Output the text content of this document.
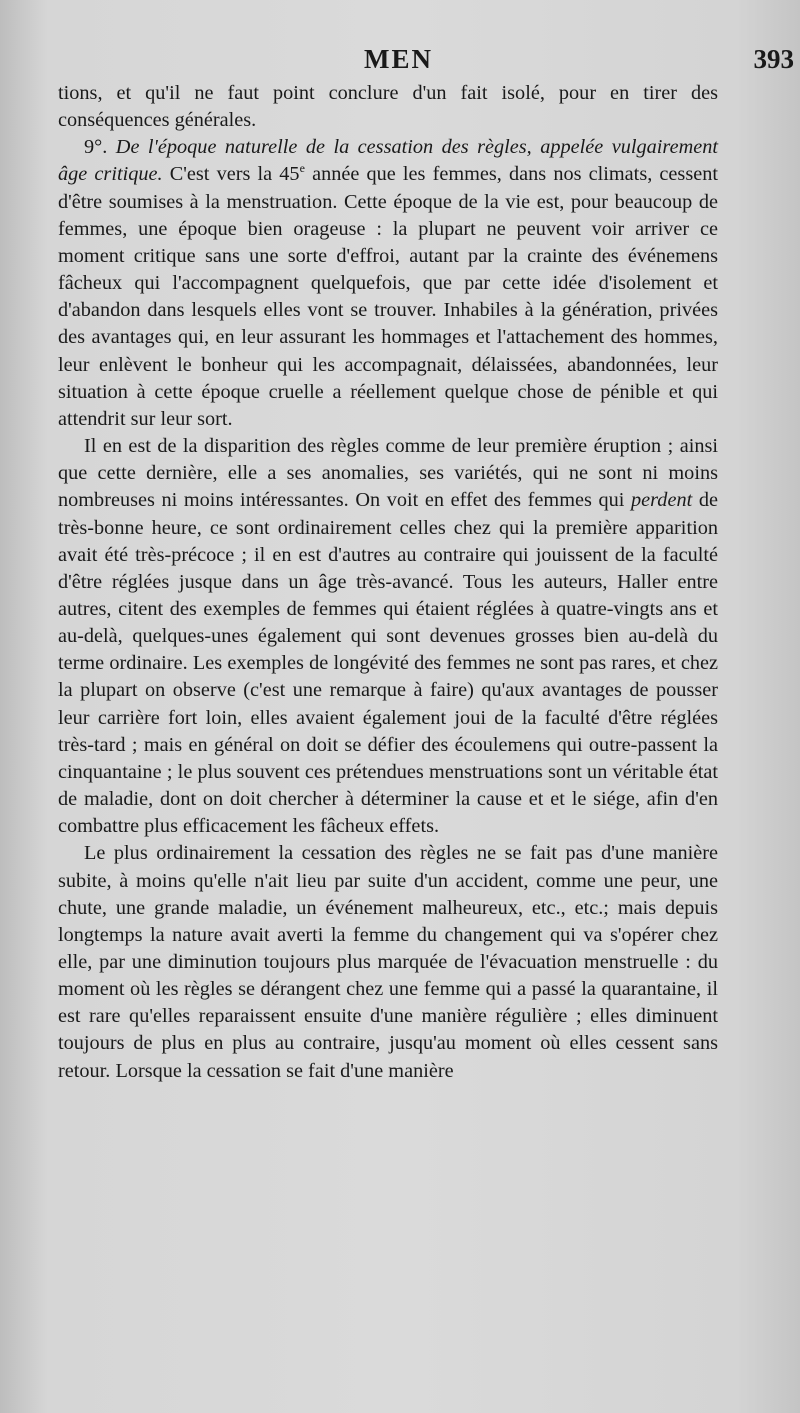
MEN	393

tions, et qu'il ne faut point conclure d'un fait isolé, pour en tirer des conséquences générales.

9°. De l'époque naturelle de la cessation des règles, appelée vulgairement âge critique. C'est vers la 45e année que les femmes, dans nos climats, cessent d'être soumises à la menstruation. Cette époque de la vie est, pour beaucoup de femmes, une époque bien orageuse : la plupart ne peuvent voir arriver ce moment critique sans une sorte d'effroi, autant par la crainte des événemens fâcheux qui l'accompagnent quelquefois, que par cette idée d'isolement et d'abandon dans lesquels elles vont se trouver. Inhabiles à la génération, privées des avantages qui, en leur assurant les hommages et l'attachement des hommes, leur enlèvent le bonheur qui les accompagnait, délaissées, abandonnées, leur situation à cette époque cruelle a réellement quelque chose de pénible et qui attendrit sur leur sort.

Il en est de la disparition des règles comme de leur première éruption ; ainsi que cette dernière, elle a ses anomalies, ses variétés, qui ne sont ni moins nombreuses ni moins intéressantes. On voit en effet des femmes qui perdent de très-bonne heure, ce sont ordinairement celles chez qui la première apparition avait été très-précoce ; il en est d'autres au contraire qui jouissent de la faculté d'être réglées jusque dans un âge très-avancé. Tous les auteurs, Haller entre autres, citent des exemples de femmes qui étaient réglées à quatre-vingts ans et au-delà, quelques-unes également qui sont devenues grosses bien au-delà du terme ordinaire. Les exemples de longévité des femmes ne sont pas rares, et chez la plupart on observe (c'est une remarque à faire) qu'aux avantages de pousser leur carrière fort loin, elles avaient également joui de la faculté d'être réglées très-tard ; mais en général on doit se défier des écoulemens qui outre-passent la cinquantaine ; le plus souvent ces prétendues menstruations sont un véritable état de maladie, dont on doit chercher à déterminer la cause et et le siége, afin d'en combattre plus efficacement les fâcheux effets.

Le plus ordinairement la cessation des règles ne se fait pas d'une manière subite, à moins qu'elle n'ait lieu par suite d'un accident, comme une peur, une chute, une grande maladie, un événement malheureux, etc., etc.; mais depuis longtemps la nature avait averti la femme du changement qui va s'opérer chez elle, par une diminution toujours plus marquée de l'évacuation menstruelle : du moment où les règles se dérangent chez une femme qui a passé la quarantaine, il est rare qu'elles reparaissent ensuite d'une manière régulière ; elles diminuent toujours de plus en plus au contraire, jusqu'au moment où elles cessent sans retour. Lorsque la cessation se fait d'une manière
